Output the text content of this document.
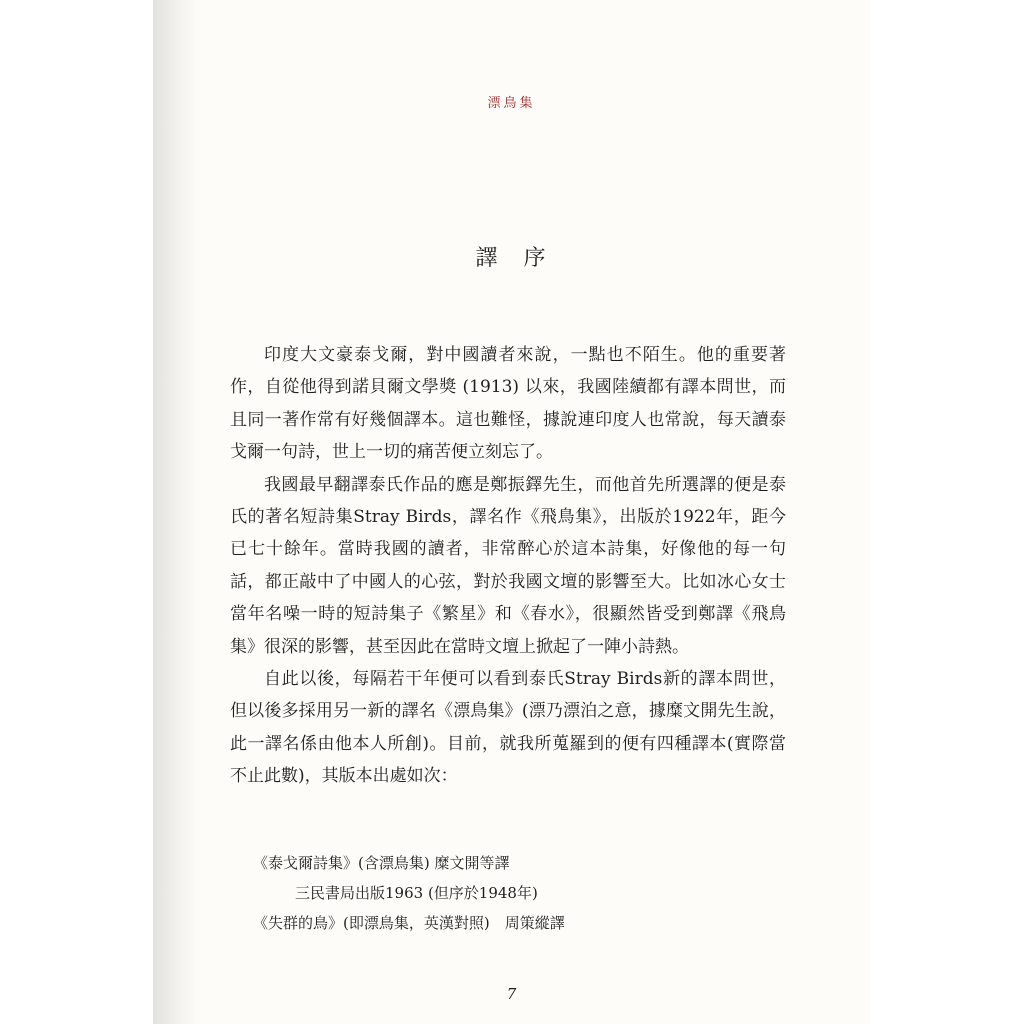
漂鳥集
譯序

印度大文豪泰戈爾，對中國讀者來說，一點也不陌生。他的重要著作，自從他得到諾貝爾文學獎 (1913) 以來，我國陸續都有譯本問世，而且同一著作常有好幾個譯本。這也難怪，據說連印度人也常說，每天讀泰戈爾一句詩，世上一切的痛苦便立刻忘了。

我國最早翻譯泰氏作品的應是鄭振鐸先生，而他首先所選譯的便是泰氏的著名短詩集Stray Birds，譯名作《飛鳥集》，出版於1922年，距今已七十餘年。當時我國的讀者，非常醉心於這本詩集，好像他的每一句話，都正敲中了中國人的心弦，對於我國文壇的影響至大。比如冰心女士當年名噪一時的短詩集子《繁星》和《春水》，很顯然皆受到鄭譯《飛鳥集》很深的影響，甚至因此在當時文壇上掀起了一陣小詩熱。

自此以後，每隔若干年便可以看到泰氏Stray Birds新的譯本問世，但以後多採用另一新的譯名《漂鳥集》(漂乃漂泊之意，據糜文開先生說，此一譯名係由他本人所創)。目前，就我所蒐羅到的便有四種譯本(實際當不止此數)，其版本出處如次：

《泰戈爾詩集》(含漂鳥集) 糜文開等譯
三民書局出版1963 (但序於1948年)
《失群的鳥》(即漂鳥集，英漢對照)　周策縱譯
7
